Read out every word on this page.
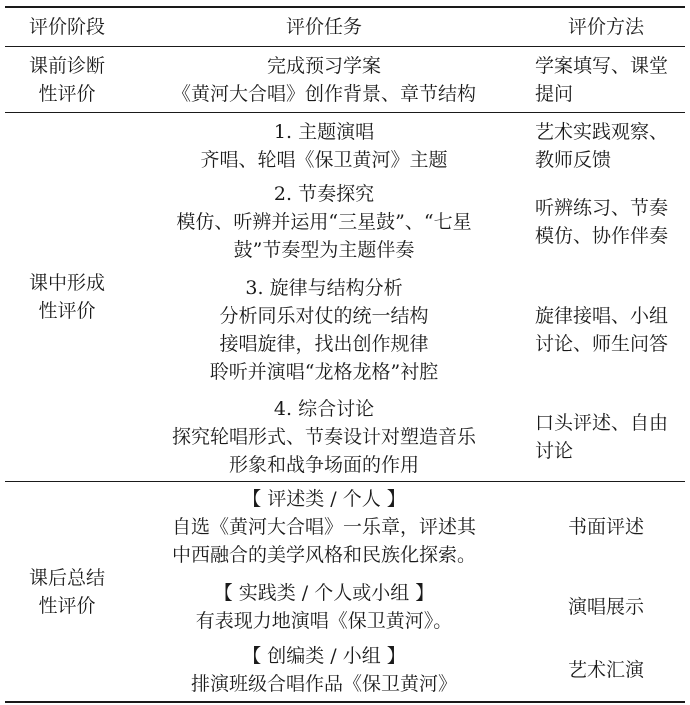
评价阶段	评价任务	评价方法
课前诊断
性评价
完成预习学案
《黄河大合唱》创作背景、章节结构
学案填写、课堂
提问
课中形成
性评价
1. 主题演唱
齐唱、轮唱《保卫黄河》主题
艺术实践观察、
教师反馈
2. 节奏探究
模仿、听辨并运用“三星鼓”、“七星
鼓”节奏型为主题伴奏
听辨练习、节奏
模仿、协作伴奏
3. 旋律与结构分析
分析同乐对仗的统一结构
接唱旋律，找出创作规律
聆听并演唱“龙格龙格”衬腔
旋律接唱、小组
讨论、师生问答
4. 综合讨论
探究轮唱形式、节奏设计对塑造音乐
形象和战争场面的作用
口头评述、自由
讨论
课后总结
性评价
【 评述类 / 个人 】
自选《黄河大合唱》一乐章，评述其
中西融合的美学风格和民族化探索。
书面评述
【 实践类 / 个人或小组 】
有表现力地演唱《保卫黄河》。
演唱展示
【 创编类 / 小组 】
排演班级合唱作品《保卫黄河》
艺术汇演
